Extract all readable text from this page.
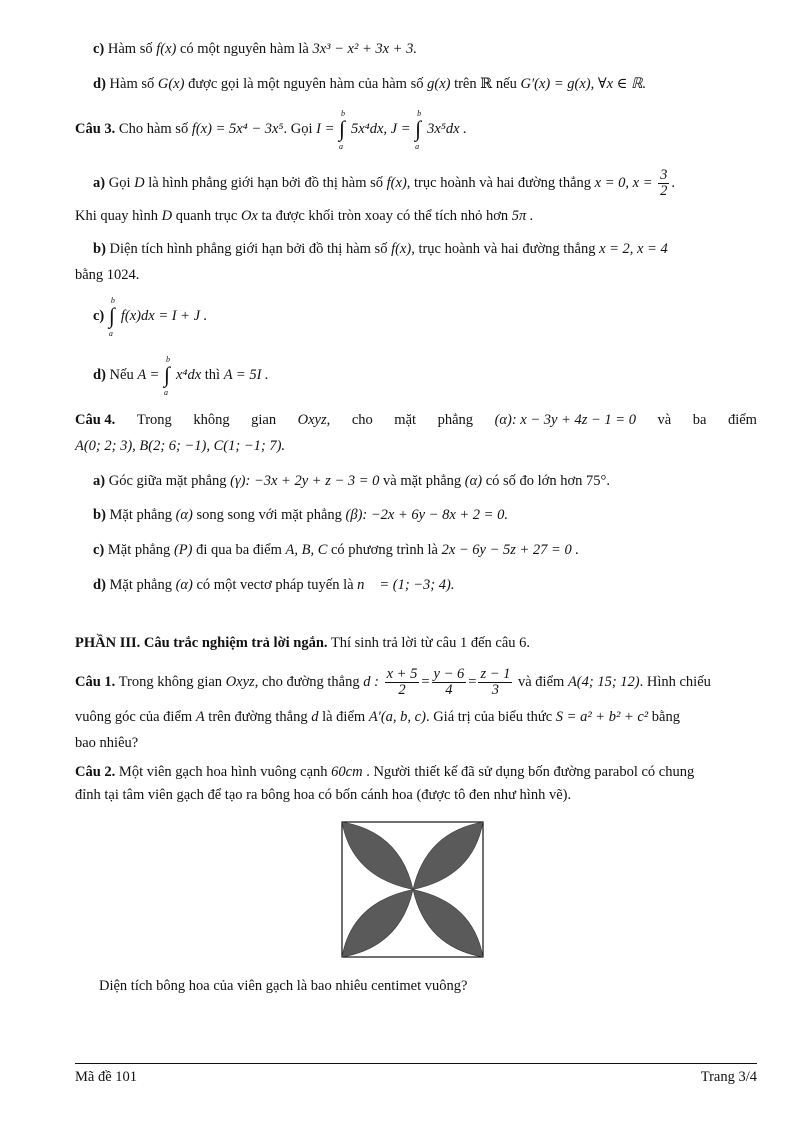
c) Hàm số f(x) có một nguyên hàm là 3x³ − x² + 3x + 3.
d) Hàm số G(x) được gọi là một nguyên hàm của hàm số g(x) trên ℝ nếu G′(x) = g(x), ∀x ∈ ℝ.
Câu 3. Cho hàm số f(x) = 5x⁴ − 3x⁵. Gọi I =
b
∫
a
5x⁴dx, J =
b
∫
a
3x⁵dx .
a) Gọi D là hình phẳng giới hạn bởi đồ thị hàm số f(x), trục hoành và hai đường thẳng x = 0, $x = \frac{3}{2}$ .
Khi quay hình D quanh trục Ox ta được khối tròn xoay có thể tích nhỏ hơn 5π .
b) Diện tích hình phẳng giới hạn bởi đồ thị hàm số f(x), trục hoành và hai đường thẳng x = 2, x = 4
bằng 1024.
c)
b
∫
a
f(x)dx = I + J .
d) Nếu A =
b
∫
a
x⁴dx thì A = 5I .
Câu 4. Trong không gian Oxyz, cho mặt phẳng (α): x − 3y + 4z − 1 = 0 và ba điểm
A(0; 2; 3), B(2; 6; −1), C(1; −1; 7).
a) Góc giữa mặt phẳng (γ): −3x + 2y + z − 3 = 0 và mặt phẳng (α) có số đo lớn hơn 75°.
b) Mặt phẳng (α) song song với mặt phẳng (β): −2x + 6y − 8x + 2 = 0.
c) Mặt phẳng (P) đi qua ba điểm A, B, C có phương trình là 2x − 6y − 5z + 27 = 0 .
d) Mặt phẳng (α) có một vectơ pháp tuyến là n⃗ = (1; −3; 4).
PHẦN III. Câu trắc nghiệm trả lời ngắn. Thí sinh trả lời từ câu 1 đến câu 6.
Câu 1. Trong không gian Oxyz, cho đường thẳng d : $\frac{x + 5}{2} = \frac{y - 6}{4} = \frac{z - 1}{3}$ và điểm A(4; 15; 12). Hình chiếu
vuông góc của điểm A trên đường thẳng d là điểm A′(a, b, c). Giá trị của biểu thức S = a² + b² + c² bằng
bao nhiêu?
Câu 2. Một viên gạch hoa hình vuông cạnh 60cm . Người thiết kế đã sử dụng bốn đường parabol có chung
đỉnh tại tâm viên gạch để tạo ra bông hoa có bốn cánh hoa (được tô đen như hình vẽ).
Diện tích bông hoa của viên gạch là bao nhiêu centimet vuông?
Mã đề 101	Trang 3/4
